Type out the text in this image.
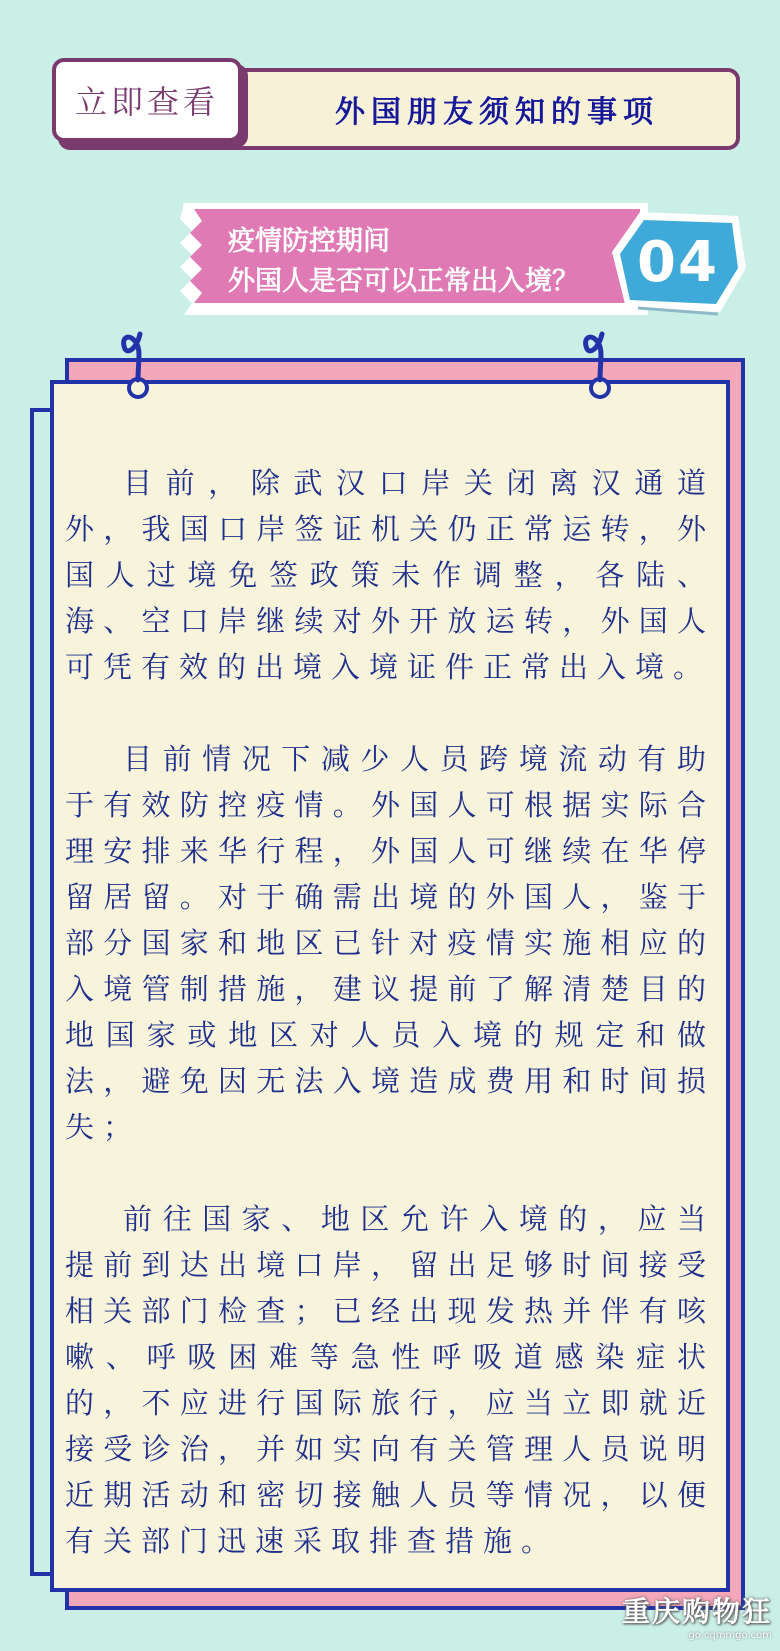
外国朋友须知的事项
立即查看
疫情防控期间
外国人是否可以正常出入境？	04

目前，除武汉口岸关闭离汉通道外，我国口岸签证机关仍正常运转，外国人过境免签政策未作调整，各陆、海、空口岸继续对外开放运转，外国人可凭有效的出境入境证件正常出入境。

目前情况下减少人员跨境流动有助于有效防控疫情。外国人可根据实际合理安排来华行程，外国人可继续在华停留居留。对于确需出境的外国人，鉴于部分国家和地区已针对疫情实施相应的入境管制措施，建议提前了解清楚目的地国家或地区对人员入境的规定和做法，避免因无法入境造成费用和时间损失；

前往国家、地区允许入境的，应当提前到达出境口岸，留出足够时间接受相关部门检查；已经出现发热并伴有咳嗽、呼吸困难等急性呼吸道感染症状的，不应进行国际旅行，应当立即就近接受诊治，并如实向有关管理人员说明近期活动和密切接触人员等情况，以便有关部门迅速采取排查措施。

重庆购物狂
go.cqmmgo.com
